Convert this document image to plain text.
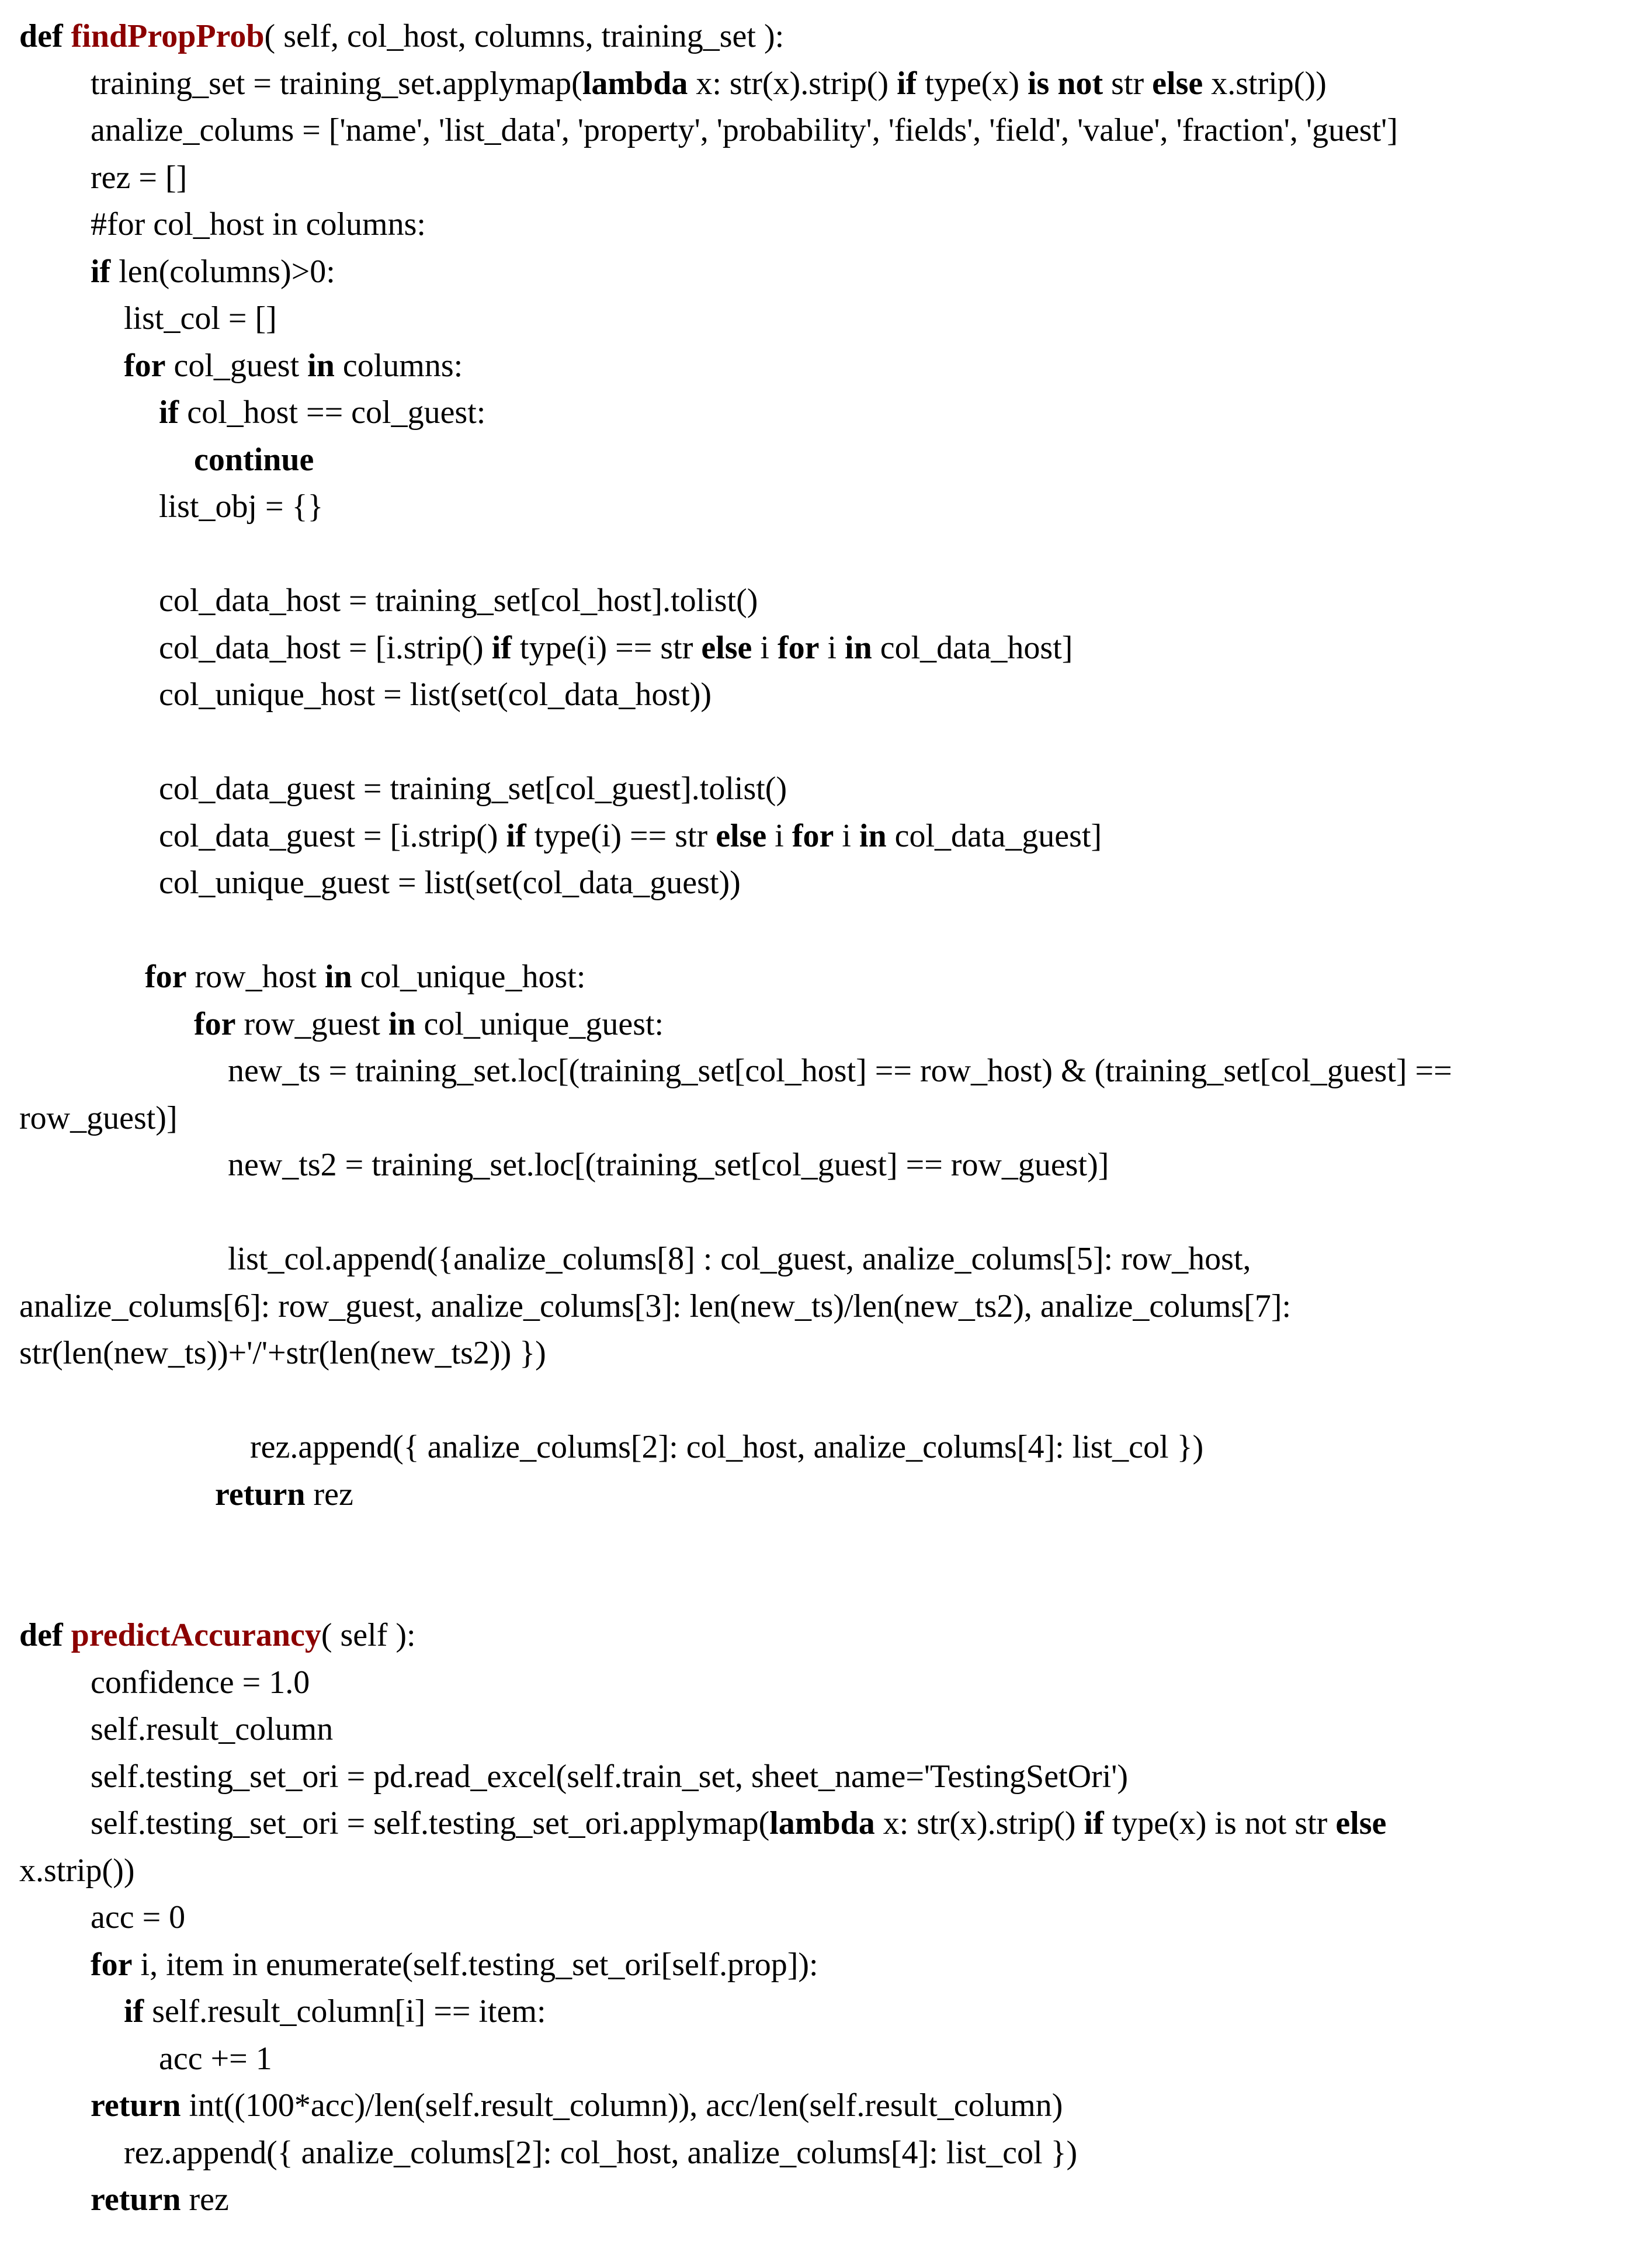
def findPropProb( self, col_host, columns, training_set ):
training_set = training_set.applymap(lambda x: str(x).strip() if type(x) is not str else x.strip())
analize_colums = ['name', 'list_data', 'property', 'probability', 'fields', 'field', 'value', 'fraction', 'guest']
rez = []
#for col_host in columns:
if len(columns)>0:
list_col = []
for col_guest in columns:
if col_host == col_guest:
continue
list_obj = {}
col_data_host = training_set[col_host].tolist()
col_data_host = [i.strip() if type(i) == str else i for i in col_data_host]
col_unique_host = list(set(col_data_host))
col_data_guest = training_set[col_guest].tolist()
col_data_guest = [i.strip() if type(i) == str else i for i in col_data_guest]
col_unique_guest = list(set(col_data_guest))
for row_host in col_unique_host:
for row_guest in col_unique_guest:
new_ts = training_set.loc[(training_set[col_host] == row_host) & (training_set[col_guest] ==
row_guest)]
new_ts2 = training_set.loc[(training_set[col_guest] == row_guest)]
list_col.append({analize_colums[8] : col_guest, analize_colums[5]: row_host,
analize_colums[6]: row_guest, analize_colums[3]: len(new_ts)/len(new_ts2), analize_colums[7]:
str(len(new_ts))+'/'+str(len(new_ts2)) })
rez.append({ analize_colums[2]: col_host, analize_colums[4]: list_col })
return rez
def predictAccurancy( self ):
confidence = 1.0
self.result_column
self.testing_set_ori = pd.read_excel(self.train_set, sheet_name='TestingSetOri')
self.testing_set_ori = self.testing_set_ori.applymap(lambda x: str(x).strip() if type(x) is not str else
x.strip())
acc = 0
for i, item in enumerate(self.testing_set_ori[self.prop]):
if self.result_column[i] == item:
acc += 1
return int((100*acc)/len(self.result_column)), acc/len(self.result_column)
rez.append({ analize_colums[2]: col_host, analize_colums[4]: list_col })
return rez
